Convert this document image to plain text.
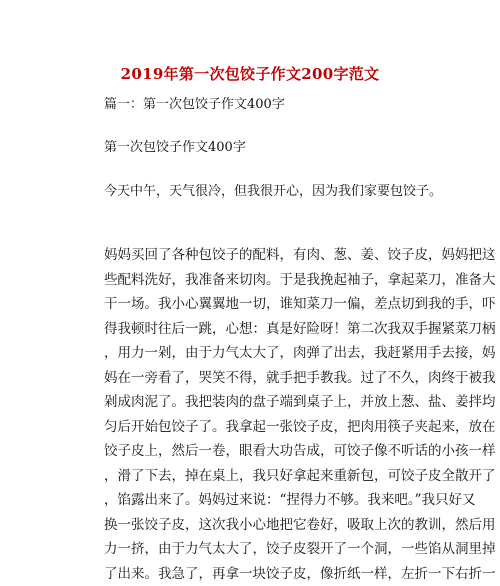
2019年第一次包饺子作文200字范文
篇一：第一次包饺子作文400字
第一次包饺子作文400字
今天中午，天气很冷，但我很开心，因为我们家要包饺子。
妈妈买回了各种包饺子的配料，有肉、葱、姜、饺子皮，妈妈把这
些配料洗好，我准备来切肉。于是我挽起袖子，拿起菜刀，准备大
干一场。我小心翼翼地一切，谁知菜刀一偏，差点切到我的手，吓
得我顿时往后一跳，心想：真是好险呀！第二次我双手握紧菜刀柄
，用力一剁，由于力气太大了，肉弹了出去，我赶紧用手去接，妈
妈在一旁看了，哭笑不得，就手把手教我。过了不久，肉终于被我
剁成肉泥了。我把装肉的盘子端到桌子上，并放上葱、盐、姜拌均
匀后开始包饺子了。我拿起一张饺子皮，把肉用筷子夹起来，放在
饺子皮上，然后一卷，眼看大功告成，可饺子像不听话的小孩一样
，滑了下去，掉在桌上，我只好拿起来重新包，可饺子皮全散开了
，馅露出来了。妈妈过来说：“捏得力不够。我来吧。”我只好又
换一张饺子皮，这次我小心地把它卷好，吸取上次的教训，然后用
力一挤，由于力气太大了，饺子皮裂开了一个洞，一些馅从洞里掉
了出来。我急了，再拿一块饺子皮，像折纸一样，左折一下右折一
